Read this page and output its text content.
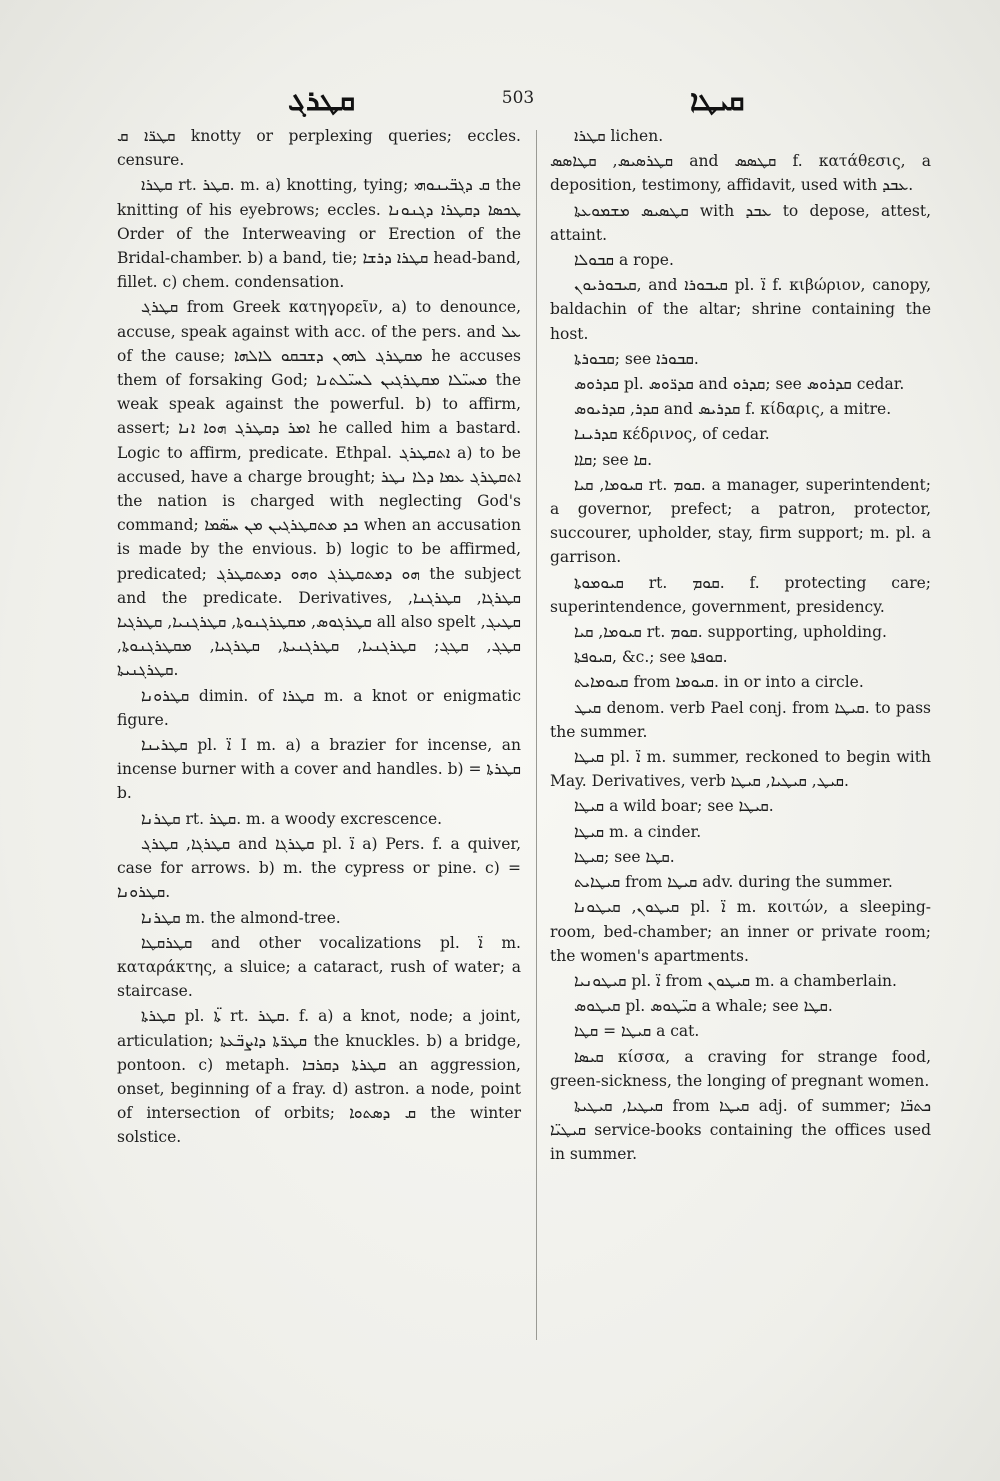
ܩܛܪܓ	503	ܩܝܛܐ

ܩܛܪ̈ܐ ܩ knotty or perplexing queries; eccles. censure.

ܩܛܪܐ rt. ܩܛܪ. m. a) knotting, tying; ܩ ܕܓܒ̈ܝܢܘܗܝ the knitting of his eyebrows; eccles. ܛܟܣܐ ܕܩܛܪܐ ܕܓܢܘܢܐ Order of the Interweaving or Erection of the Bridal-chamber. b) a band, tie; ܩܛܪܐ ܕܪܫܐ head-band, fillet. c) chem. condensation.

ܩܛܪܓ from Greek κατηγορεῖν, a) to denounce, accuse, speak against with acc. of the pers. and ܥܠ of the cause; ܡܩܛܪܓ ܠܗܘܢ ܕܫܒܩܘ ܠܐܠܗܐ he accuses them of forsaking God; ܡܚܝ̈ܠܐ ܡܩܛܪܓܝܢ ܠܚܝ̈ܠܬܢܐ the weak speak against the powerful. b) to affirm, assert; ܐܡܪ ܕܩܛܪܓ ܗܘܐ ܐܢܐ he called him a bastard. Logic to affirm, predicate. Ethpal. ܐܬܩܛܪܓ a) to be accused, have a charge brought; ܐܬܩܛܪܓ ܥܡܐ ܕܠܐ ܢܛܪ the nation is charged with neglecting God's command; ܟܕ ܡܬܩܛܪܓܝܢ ܡܢ ܚܣ̈ܡܐ when an accusation is made by the envious. b) logic to be affirmed, predicated; ܗܘ ܕܡܬܩܛܪܓ ܘܗܘ ܕܡܬܩܛܪܓ the subject and the predicate. Derivatives, ܩܛܪܓܐ, ܩܛܪܓܢܐ, ܩܛܪܓܘܣ, ܡܩܛܪܓܢܘܬܐ, ܩܛܪܓܢܝܐ, ܩܛܪܓܝܐ all also spelt ܩܛܝܓ, ܩܛܓ, ܩܛܓ; ܩܛܪܓܢܝܐ, ܩܛܪܓܢܝܬܐ, ܩܛܪܓܝܐ, ܡܩܛܪܓܢܘܬܐ, ܩܛܪܓܢܝܬܐ.

ܩܛܪܘܢܐ dimin. of ܩܛܪܐ m. a knot or enigmatic figure.

ܩܛܪܝܢܐ pl. ܐ̈ I m. a) a brazier for incense, an incense burner with a cover and handles. b) = ܩܛܪܬܐ b.

ܩܛܪܢܐ rt. ܩܛܪ. m. a woody excrescence.

ܩܛܪܓܐ, ܩܛܪܓ and ܩܛܪܓܐ pl. ܐ̈ a) Pers. f. a quiver, case for arrows. b) m. the cypress or pine. c) = ܩܛܪܘܢܐ.

ܩܛܪܢܐ m. the almond-tree.

ܩܛܪܩܛܐ and other vocalizations pl. ܐ̈ m. καταράκτης, a sluice; a cataract, rush of water; a staircase.

ܩܛܪܬܐ pl. ܬ̈ܐ rt. ܩܛܪ. f. a) a knot, node; a joint, articulation; ܩܛܪ̈ܬܐ ܕܐܨܒ̈ܥܬܐ the knuckles. b) a bridge, pontoon. c) metaph. ܩܛܪܬܐ ܕܩܪܒܐ an aggression, onset, beginning of a fray. d) astron. a node, point of intersection of orbits; ܩ ܕܣܬܘܐ the winter solstice.

ܩܛܪܐ lichen.

ܩܛܪܣܝܣ, ܩܛܐܣܣ and ܩܛܣܣ f. κατάθεσις, a deposition, testimony, affidavit, used with ܥܒܕ.

ܩܛܣܝܣ ܡܫܡܘܥܬܐ with ܥܒܕ to depose, attest, attaint.

ܩܒܘܠܐ a rope.

ܩܝܒܘܪܝܘܢ, and ܩܝܒܘܪܐ pl. ܐ̈ f. κιβώριον, canopy, baldachin of the altar; shrine containing the host.

ܩܒܘܪܬܐ; see ܩܒܘܪܐ.

ܩܕܪܘܣ pl. ܩܕܪ̈ܘܣ and ܩܕܪܘ; see ܩܕܪܘܣ cedar.

ܩܕܪ, ܩܕܪܝܘܣ and ܩܕܪܝܣ f. κίδαρις, a mitre.

ܩܕܪܝܢܐ κέδρινος, of cedar.

ܩܐܐ; see ܩܐ.

ܩܝܘܡܐ, ܩܝܐ rt. ܩܘܡ. a manager, superintendent; a governor, prefect; a patron, protector, succourer, upholder, stay, firm support; m. pl. a garrison.

ܩܝܘܡܘܬܐ rt. ܩܘܡ. f. protecting care; superintendence, government, presidency.

ܩܝܘܡܐ, ܩܝܐ rt. ܩܘܡ. supporting, upholding.

ܩܝܘܦܬܐ, &c.; see ܩܘܦܬܐ.

ܩܝܘܡܐܝܬ from ܩܝܘܡܐ. in or into a circle.

ܩܝܛ denom. verb Pael conj. from ܩܝܛܐ. to pass the summer.

ܩܝܛܐ pl. ܐ̈ m. summer, reckoned to begin with May. Derivatives, verb ܩܝܛ, ܩܝܛܝܐ, ܩܝܛܐ.

ܩܝܛܐ a wild boar; see ܩܝܛܐ.

ܩܝܛܐ m. a cinder.

ܩܝܛܐ; see ܩܛܐ.

ܩܝܛܐܝܬ from ܩܝܛܐ adv. during the summer.

ܩܝܛܘܢ, ܩܝܛܘܢܐ pl. ܐ̈ m. κοιτών, a sleeping-room, bed-chamber; an inner or private room; the women's apartments.

ܩܝܛܘܢܝܐ pl. ܐ̈ from ܩܝܛܘܢ m. a chamberlain.

ܩܝܛܘܣ pl. ܩܝ̈ܛܘܣ a whale; see ܩܛܐ.

ܩܝܛܐ = ܩܛܐ a cat.

ܩܝܣܐ κίσσα, a craving for strange food, green-sickness, the longing of pregnant women.

ܩܝܛܝܐ, ܩܝܛܝܬܐ from ܩܝܛܐ adj. of summer; ܟܬܒ̈ܐ ܩܝܛܝ̈ܐ service-books containing the offices used in summer.
